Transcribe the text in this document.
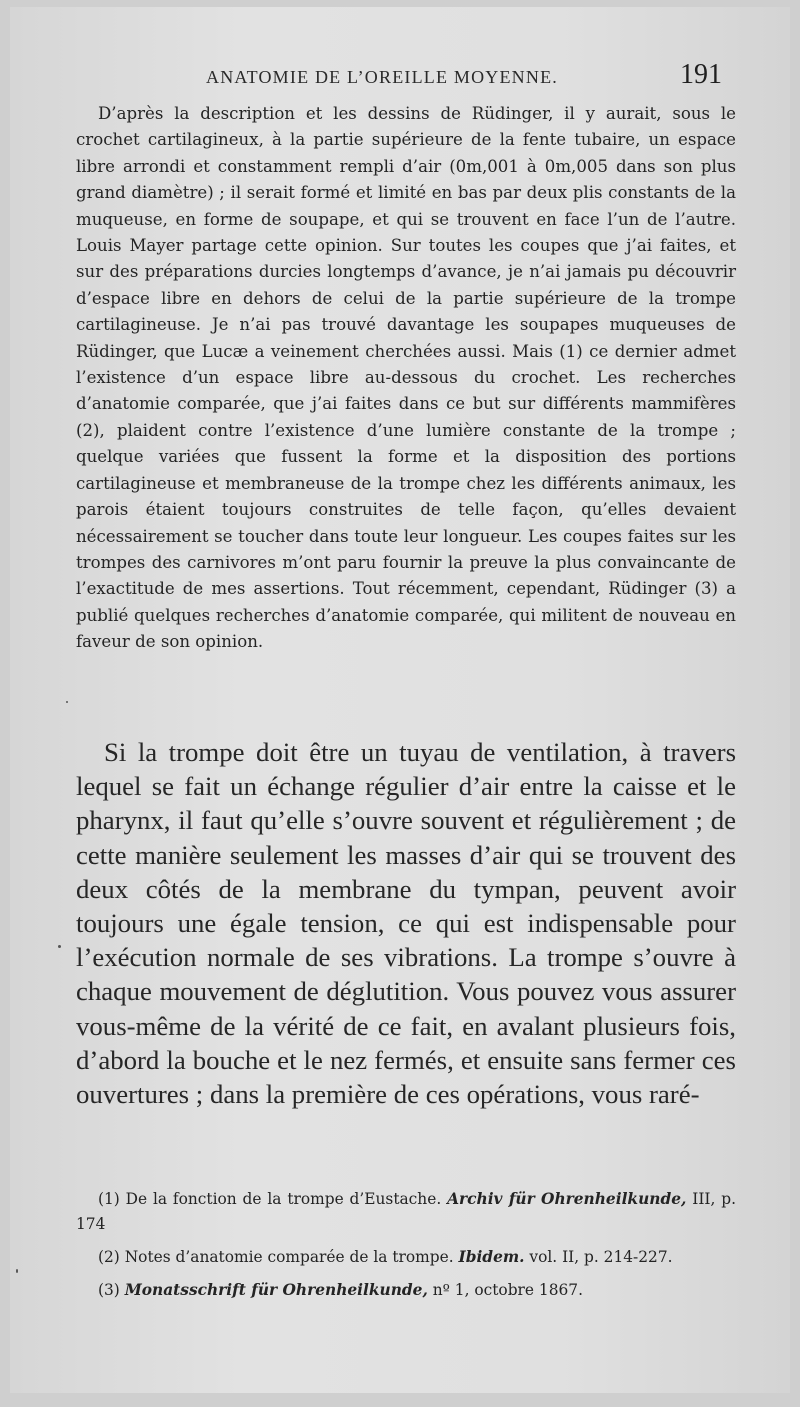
ANATOMIE DE L’OREILLE MOYENNE.	191

D’après la description et les dessins de Rüdinger, il y aurait, sous le crochet cartilagineux, à la partie supérieure de la fente tubaire, un espace libre arrondi et constamment rempli d’air (0m,001 à 0m,005 dans son plus grand diamètre) ; il serait formé et limité en bas par deux plis constants de la muqueuse, en forme de soupape, et qui se trouvent en face l’un de l’autre. Louis Mayer partage cette opinion. Sur toutes les coupes que j’ai faites, et sur des préparations durcies longtemps d’avance, je n’ai jamais pu découvrir d’espace libre en dehors de celui de la partie supérieure de la trompe cartilagineuse. Je n’ai pas trouvé davantage les soupapes muqueuses de Rüdinger, que Lucæ a veinement cherchées aussi. Mais (1) ce dernier admet l’existence d’un espace libre au-dessous du crochet. Les recherches d’anatomie comparée, que j’ai faites dans ce but sur différents mammifères (2), plaident contre l’existence d’une lumière constante de la trompe ; quelque variées que fussent la forme et la disposition des portions cartilagineuse et membraneuse de la trompe chez les différents animaux, les parois étaient toujours construites de telle façon, qu’elles devaient nécessairement se toucher dans toute leur longueur. Les coupes faites sur les trompes des carnivores m’ont paru fournir la preuve la plus convaincante de l’exactitude de mes assertions. Tout récemment, cependant, Rüdinger (3) a publié quelques recherches d’anatomie comparée, qui militent de nouveau en faveur de son opinion.

Si la trompe doit être un tuyau de ventilation, à travers lequel se fait un échange régulier d’air entre la caisse et le pharynx, il faut qu’elle s’ouvre souvent et régulièrement ; de cette manière seulement les masses d’air qui se trouvent des deux côtés de la membrane du tympan, peuvent avoir toujours une égale tension, ce qui est indispensable pour l’exécution normale de ses vibrations. La trompe s’ouvre à chaque mouvement de déglutition. Vous pouvez vous assurer vous-même de la vérité de ce fait, en avalant plusieurs fois, d’abord la bouche et le nez fermés, et ensuite sans fermer ces ouvertures ; dans la première de ces opérations, vous raré-

(1) De la fonction de la trompe d’Eustache. Archiv für Ohrenheilkunde, III, p. 174

(2) Notes d’anatomie comparée de la trompe. Ibidem. vol. II, p. 214-227.

(3) Monatsschrift für Ohrenheilkunde, nº 1, octobre 1867.
